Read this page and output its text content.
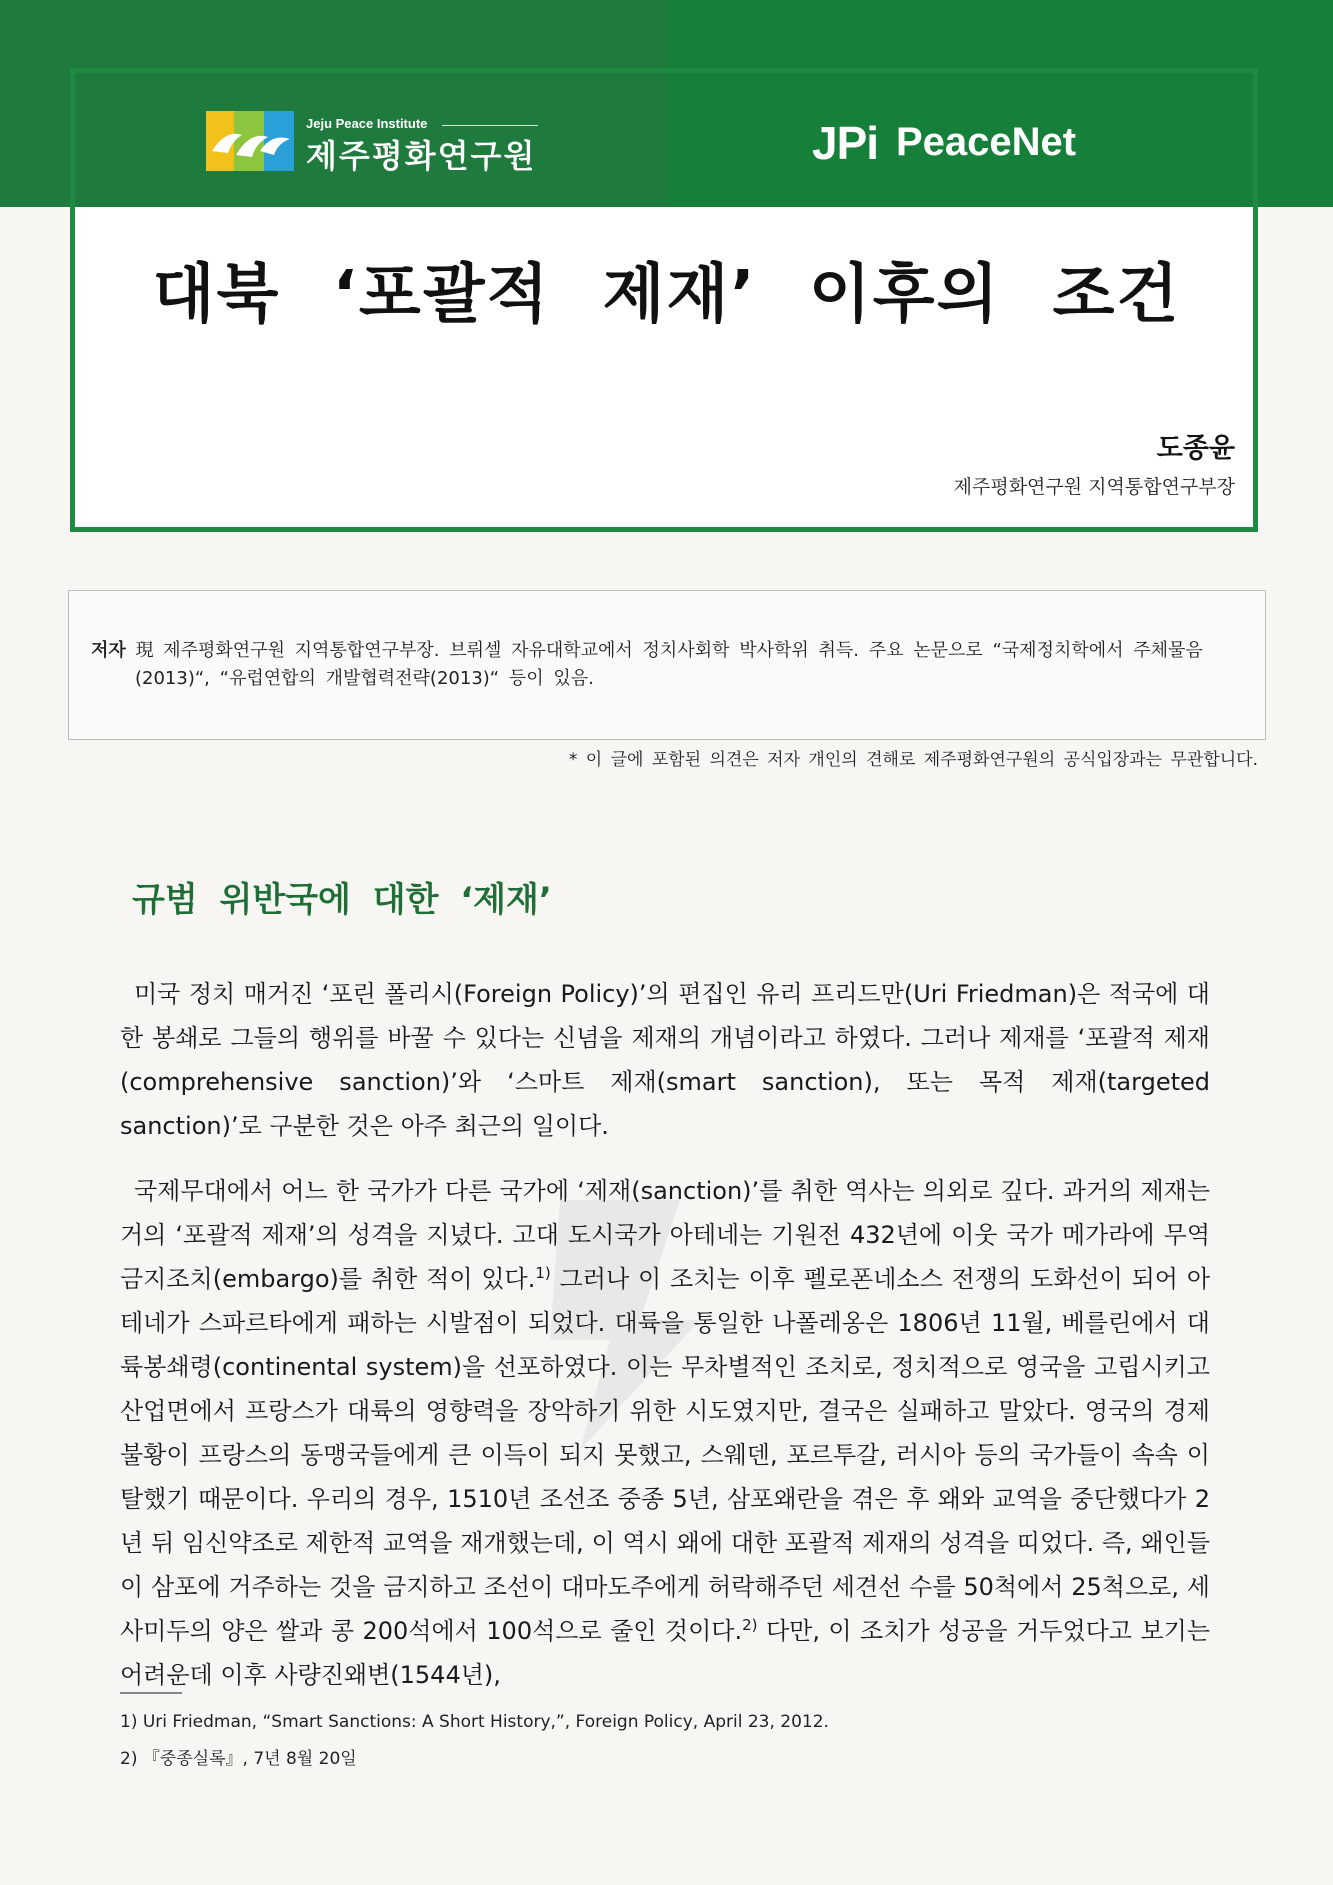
Jeju Peace Institute
제주평화연구원	JPi PeaceNet
대북 ‘포괄적 제재’ 이후의 조건
도종윤
제주평화연구원 지역통합연구부장
저자 現 제주평화연구원 지역통합연구부장. 브뤼셀 자유대학교에서 정치사회학 박사학위 취득. 주요 논문으로 “국제정치학에서 주체물음(2013)“, “유럽연합의 개발협력전략(2013)“ 등이 있음.
* 이 글에 포함된 의견은 저자 개인의 견해로 제주평화연구원의 공식입장과는 무관합니다.
규범 위반국에 대한 ‘제재’

미국 정치 매거진 ‘포린 폴리시(Foreign Policy)’의 편집인 유리 프리드만(Uri Friedman)은 적국에 대한 봉쇄로 그들의 행위를 바꿀 수 있다는 신념을 제재의 개념이라고 하였다. 그러나 제재를 ‘포괄적 제재(comprehensive sanction)’와 ‘스마트 제재(smart sanction), 또는 목적 제재(targeted sanction)’로 구분한 것은 아주 최근의 일이다.

국제무대에서 어느 한 국가가 다른 국가에 ‘제재(sanction)’를 취한 역사는 의외로 깊다. 과거의 제재는 거의 ‘포괄적 제재’의 성격을 지녔다. 고대 도시국가 아테네는 기원전 432년에 이웃 국가 메가라에 무역금지조치(embargo)를 취한 적이 있다.$^{1)}$ 그러나 이 조치는 이후 펠로폰네소스 전쟁의 도화선이 되어 아테네가 스파르타에게 패하는 시발점이 되었다. 대륙을 통일한 나폴레옹은 1806년 11월, 베를린에서 대륙봉쇄령(continental system)을 선포하였다. 이는 무차별적인 조치로, 정치적으로 영국을 고립시키고 산업면에서 프랑스가 대륙의 영향력을 장악하기 위한 시도였지만, 결국은 실패하고 말았다. 영국의 경제 불황이 프랑스의 동맹국들에게 큰 이득이 되지 못했고, 스웨덴, 포르투갈, 러시아 등의 국가들이 속속 이탈했기 때문이다. 우리의 경우, 1510년 조선조 중종 5년, 삼포왜란을 겪은 후 왜와 교역을 중단했다가 2년 뒤 임신약조로 제한적 교역을 재개했는데, 이 역시 왜에 대한 포괄적 제재의 성격을 띠었다. 즉, 왜인들이 삼포에 거주하는 것을 금지하고 조선이 대마도주에게 허락해주던 세견선 수를 50척에서 25척으로, 세사미두의 양은 쌀과 콩 200석에서 100석으로 줄인 것이다.$^{2)}$ 다만, 이 조치가 성공을 거두었다고 보기는 어려운데 이후 사량진왜변(1544년),

1) Uri Friedman, “Smart Sanctions: A Short History,”, Foreign Policy, April 23, 2012.
2) 『중종실록』, 7년 8월 20일
